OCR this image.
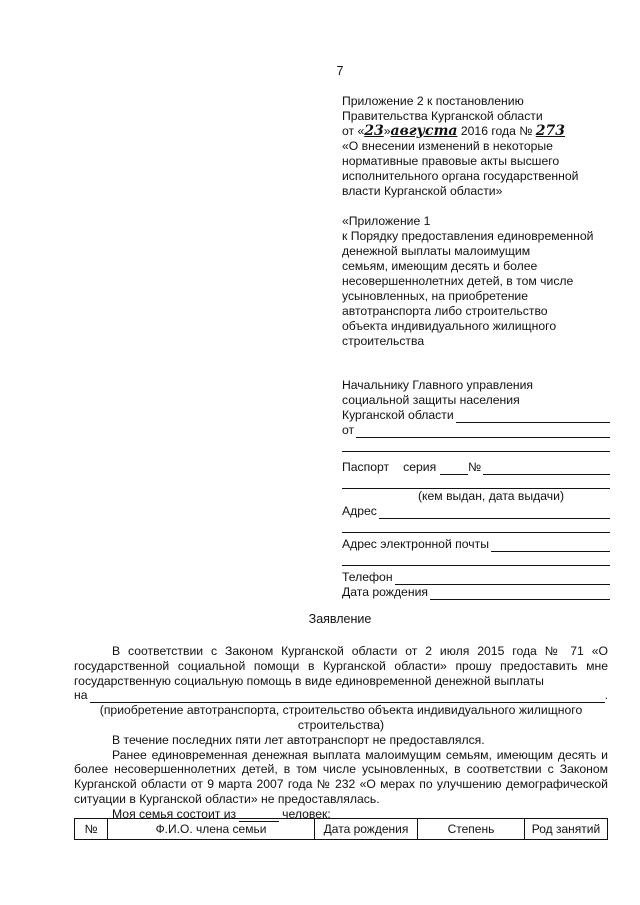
7
Приложение 2 к постановлению
Правительства Курганской области
от «23»августа 2016 года № 273
«О внесении изменений в некоторые
нормативные правовые акты высшего
исполнительного органа государственной
власти Курганской области»
«Приложение 1
к Порядку предоставления единовременной
денежной выплаты малоимущим
семьям, имеющим десять и более
несовершеннолетних детей, в том числе
усыновленных, на приобретение
автотранспорта либо строительство
объекта индивидуального жилищного
строительства
Начальнику Главного управления
социальной защиты населения
Курганской области
от
Паспорт серия	№
(кем выдан, дата выдачи)
Адрес
Адрес электронной почты
Телефон
Дата рождения
Заявление

В соответствии с Законом Курганской области от 2 июля 2015 года № 71 «О государственной социальной помощи в Курганской области» прошу предоставить мне государственную социальную помощь в виде единовременной денежной выплаты

на	.

(приобретение автотранспорта, строительство объекта индивидуального жилищного строительства)

В течение последних пяти лет автотранспорт не предоставлялся.

Ранее единовременная денежная выплата малоимущим семьям, имеющим десять и более несовершеннолетних детей, в том числе усыновленных, в соответствии с Законом Курганской области от 9 марта 2007 года № 232 «О мерах по улучшению демографической ситуации в Курганской области» не предоставлялась.

Моя семья состоит из	человек:
№	Ф.И.О. члена семьи	Дата рождения	Степень	Род занятий
